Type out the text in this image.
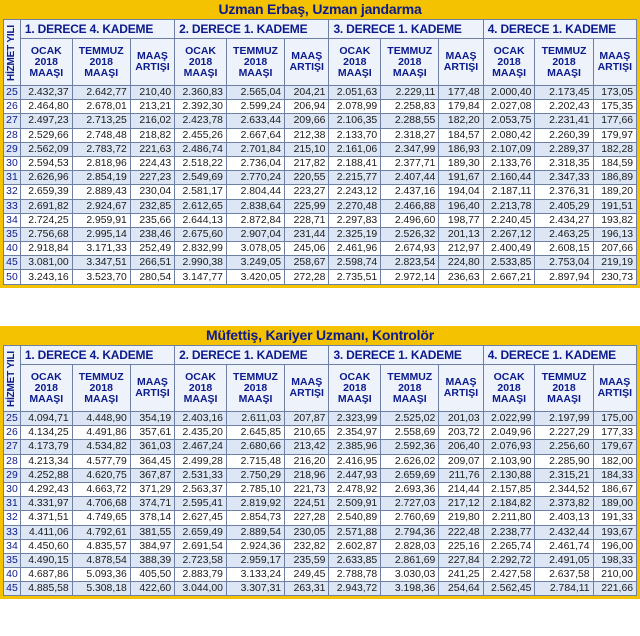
Uzman Erbaş, Uzman jandarma
HİZMET YILI	1. DERECE 4. KADEME			2. DERECE 1. KADEME			3. DERECE 1. KADEME			4. DERECE 1. KADEME		
	OCAK 2018 MAAŞI	TEMMUZ 2018 MAAŞI	MAAŞ ARTIŞI	OCAK 2018 MAAŞI	TEMMUZ 2018 MAAŞI	MAAŞ ARTIŞI	OCAK 2018 MAAŞI	TEMMUZ 2018 MAAŞI	MAAŞ ARTIŞI	OCAK 2018 MAAŞI	TEMMUZ 2018 MAAŞI	MAAŞ ARTIŞI
25	2.432,37	2.642,77	210,40	2.360,83	2.565,04	204,21	2.051,63	2.229,11	177,48	2.000,40	2.173,45	173,05
26	2.464,80	2.678,01	213,21	2.392,30	2.599,24	206,94	2.078,99	2.258,83	179,84	2.027,08	2.202,43	175,35
27	2.497,23	2.713,25	216,02	2.423,78	2.633,44	209,66	2.106,35	2.288,55	182,20	2.053,75	2.231,41	177,66
28	2.529,66	2.748,48	218,82	2.455,26	2.667,64	212,38	2.133,70	2.318,27	184,57	2.080,42	2.260,39	179,97
29	2.562,09	2.783,72	221,63	2.486,74	2.701,84	215,10	2.161,06	2.347,99	186,93	2.107,09	2.289,37	182,28
30	2.594,53	2.818,96	224,43	2.518,22	2.736,04	217,82	2.188,41	2.377,71	189,30	2.133,76	2.318,35	184,59
31	2.626,96	2.854,19	227,23	2.549,69	2.770,24	220,55	2.215,77	2.407,44	191,67	2.160,44	2.347,33	186,89
32	2.659,39	2.889,43	230,04	2.581,17	2.804,44	223,27	2.243,12	2.437,16	194,04	2.187,11	2.376,31	189,20
33	2.691,82	2.924,67	232,85	2.612,65	2.838,64	225,99	2.270,48	2.466,88	196,40	2.213,78	2.405,29	191,51
34	2.724,25	2.959,91	235,66	2.644,13	2.872,84	228,71	2.297,83	2.496,60	198,77	2.240,45	2.434,27	193,82
35	2.756,68	2.995,14	238,46	2.675,60	2.907,04	231,44	2.325,19	2.526,32	201,13	2.267,12	2.463,25	196,13
40	2.918,84	3.171,33	252,49	2.832,99	3.078,05	245,06	2.461,96	2.674,93	212,97	2.400,49	2.608,15	207,66
45	3.081,00	3.347,51	266,51	2.990,38	3.249,05	258,67	2.598,74	2.823,54	224,80	2.533,85	2.753,04	219,19
50	3.243,16	3.523,70	280,54	3.147,77	3.420,05	272,28	2.735,51	2.972,14	236,63	2.667,21	2.897,94	230,73
Müfettiş, Kariyer Uzmanı, Kontrolör
HİZMET YILI	1. DERECE 4. KADEME			2. DERECE 1. KADEME			3. DERECE 1. KADEME			4. DERECE 1. KADEME		
	OCAK 2018 MAAŞI	TEMMUZ 2018 MAAŞI	MAAŞ ARTIŞI	OCAK 2018 MAAŞI	TEMMUZ 2018 MAAŞI	MAAŞ ARTIŞI	OCAK 2018 MAAŞI	TEMMUZ 2018 MAAŞI	MAAŞ ARTIŞI	OCAK 2018 MAAŞI	TEMMUZ 2018 MAAŞI	MAAŞ ARTIŞI
25	4.094,71	4.448,90	354,19	2.403,16	2.611,03	207,87	2.323,99	2.525,02	201,03	2.022,99	2.197,99	175,00
26	4.134,25	4.491,86	357,61	2.435,20	2.645,85	210,65	2.354,97	2.558,69	203,72	2.049,96	2.227,29	177,33
27	4.173,79	4.534,82	361,03	2.467,24	2.680,66	213,42	2.385,96	2.592,36	206,40	2.076,93	2.256,60	179,67
28	4.213,34	4.577,79	364,45	2.499,28	2.715,48	216,20	2.416,95	2.626,02	209,07	2.103,90	2.285,90	182,00
29	4.252,88	4.620,75	367,87	2.531,33	2.750,29	218,96	2.447,93	2.659,69	211,76	2.130,88	2.315,21	184,33
30	4.292,43	4.663,72	371,29	2.563,37	2.785,10	221,73	2.478,92	2.693,36	214,44	2.157,85	2.344,52	186,67
31	4.331,97	4.706,68	374,71	2.595,41	2.819,92	224,51	2.509,91	2.727,03	217,12	2.184,82	2.373,82	189,00
32	4.371,51	4.749,65	378,14	2.627,45	2.854,73	227,28	2.540,89	2.760,69	219,80	2.211,80	2.403,13	191,33
33	4.411,06	4.792,61	381,55	2.659,49	2.889,54	230,05	2.571,88	2.794,36	222,48	2.238,77	2.432,44	193,67
34	4.450,60	4.835,57	384,97	2.691,54	2.924,36	232,82	2.602,87	2.828,03	225,16	2.265,74	2.461,74	196,00
35	4.490,15	4.878,54	388,39	2.723,58	2.959,17	235,59	2.633,85	2.861,69	227,84	2.292,72	2.491,05	198,33
40	4.687,86	5.093,36	405,50	2.883,79	3.133,24	249,45	2.788,78	3.030,03	241,25	2.427,58	2.637,58	210,00
45	4.885,58	5.308,18	422,60	3.044,00	3.307,31	263,31	2.943,72	3.198,36	254,64	2.562,45	2.784,11	221,66
